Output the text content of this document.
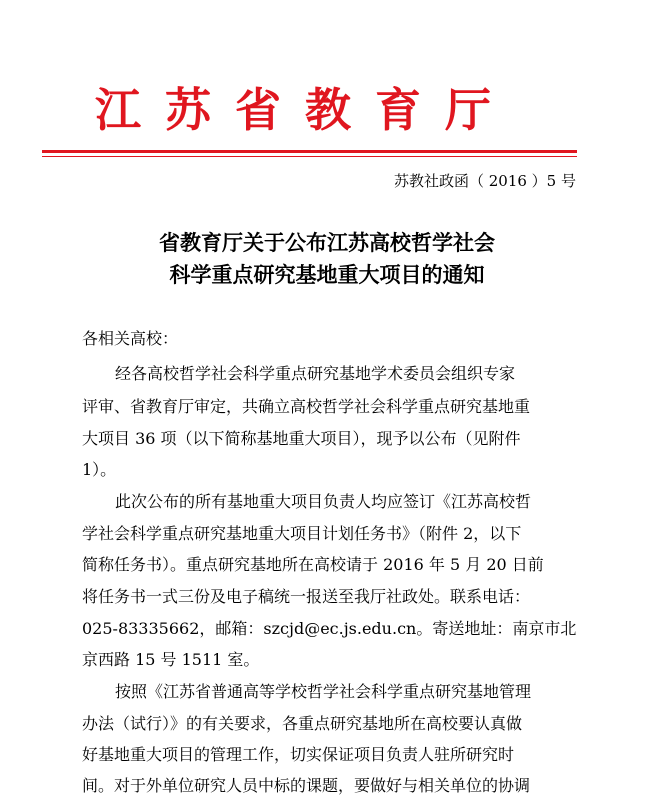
江苏省教育厅
苏教社政函（ 2016 ）5 号
省教育厅关于公布江苏高校哲学社会
科学重点研究基地重大项目的通知
各相关高校：
经各高校哲学社会科学重点研究基地学术委员会组织专家
评审、省教育厅审定，共确立高校哲学社会科学重点研究基地重
大项目 36 项（以下简称基地重大项目），现予以公布（见附件
1）。
此次公布的所有基地重大项目负责人均应签订《江苏高校哲
学社会科学重点研究基地重大项目计划任务书》（附件 2，以下
简称任务书）。重点研究基地所在高校请于 2016 年 5 月 20 日前
将任务书一式三份及电子稿统一报送至我厅社政处。联系电话：
025-83335662，邮箱：szcjd@ec.js.edu.cn。寄送地址：南京市北
京西路 15 号 1511 室。
按照《江苏省普通高等学校哲学社会科学重点研究基地管理
办法（试行）》的有关要求，各重点研究基地所在高校要认真做
好基地重大项目的管理工作，切实保证项目负责人驻所研究时
间。对于外单位研究人员中标的课题，要做好与相关单位的协调
